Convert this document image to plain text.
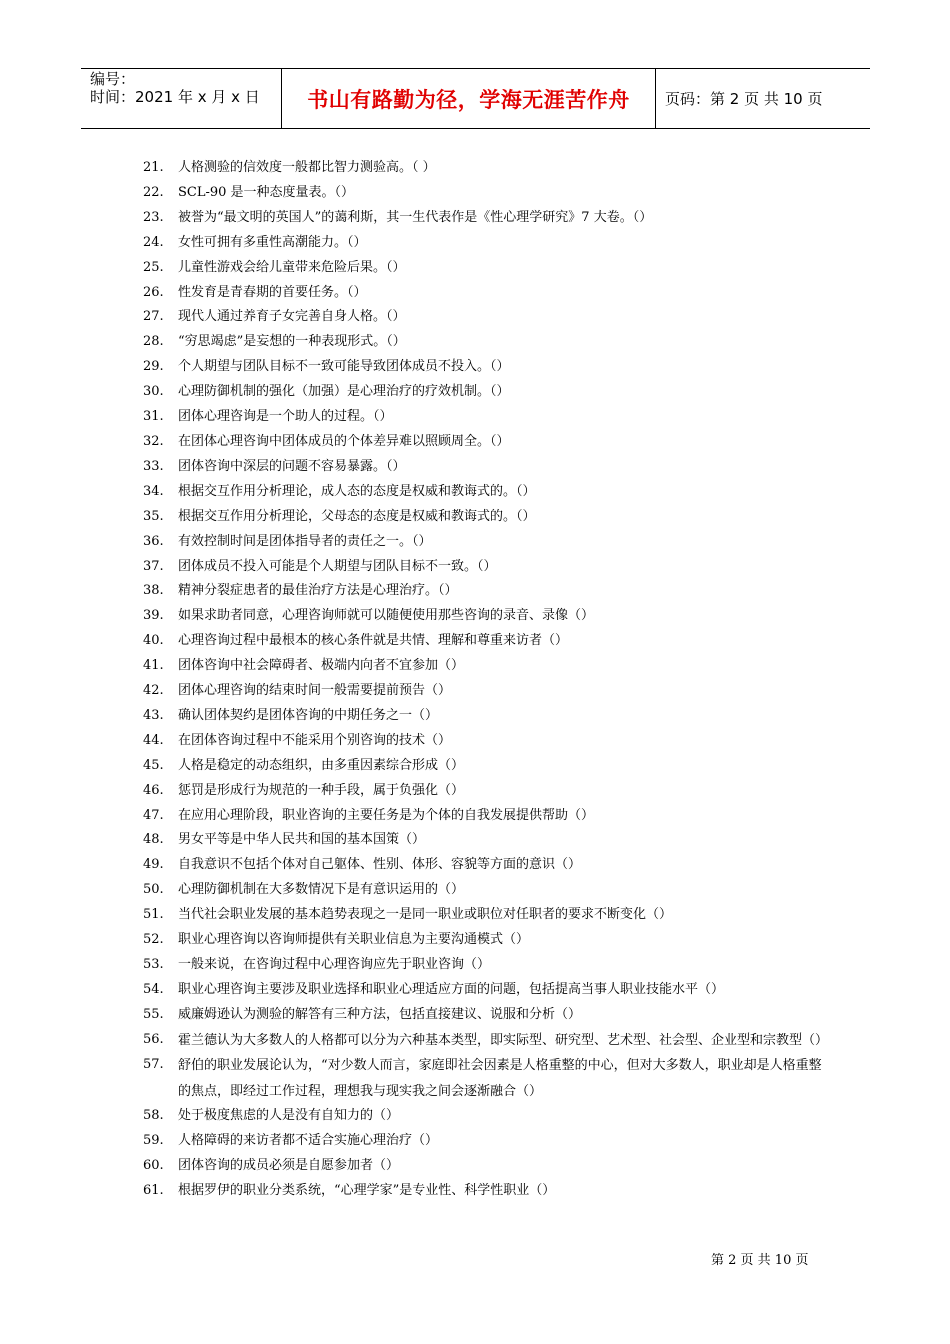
编号：
时间：2021 年 x 月 x 日	书山有路勤为径，学海无涯苦作舟	页码：第 2 页 共 10 页
21.	人格测验的信效度一般都比智力测验高。（ ）
22.	SCL-90 是一种态度量表。（）
23.	被誉为“最文明的英国人”的蔼利斯，其一生代表作是《性心理学研究》7 大卷。（）
24.	女性可拥有多重性高潮能力。（）
25.	儿童性游戏会给儿童带来危险后果。（）
26.	性发育是青春期的首要任务。（）
27.	现代人通过养育子女完善自身人格。（）
28.	“穷思竭虑”是妄想的一种表现形式。（）
29.	个人期望与团队目标不一致可能导致团体成员不投入。（）
30.	心理防御机制的强化（加强）是心理治疗的疗效机制。（）
31.	团体心理咨询是一个助人的过程。（）
32.	在团体心理咨询中团体成员的个体差异难以照顾周全。（）
33.	团体咨询中深层的问题不容易暴露。（）
34.	根据交互作用分析理论，成人态的态度是权威和教诲式的。（）
35.	根据交互作用分析理论，父母态的态度是权威和教诲式的。（）
36.	有效控制时间是团体指导者的责任之一。（）
37.	团体成员不投入可能是个人期望与团队目标不一致。（）
38.	精神分裂症患者的最佳治疗方法是心理治疗。（）
39.	如果求助者同意，心理咨询师就可以随便使用那些咨询的录音、录像（）
40.	心理咨询过程中最根本的核心条件就是共情、理解和尊重来访者（）
41.	团体咨询中社会障碍者、极端内向者不宜参加（）
42.	团体心理咨询的结束时间一般需要提前预告（）
43.	确认团体契约是团体咨询的中期任务之一（）
44.	在团体咨询过程中不能采用个别咨询的技术（）
45.	人格是稳定的动态组织，由多重因素综合形成（）
46.	惩罚是形成行为规范的一种手段，属于负强化（）
47.	在应用心理阶段，职业咨询的主要任务是为个体的自我发展提供帮助（）
48.	男女平等是中华人民共和国的基本国策（）
49.	自我意识不包括个体对自己躯体、性别、体形、容貌等方面的意识（）
50.	心理防御机制在大多数情况下是有意识运用的（）
51.	当代社会职业发展的基本趋势表现之一是同一职业或职位对任职者的要求不断变化（）
52.	职业心理咨询以咨询师提供有关职业信息为主要沟通模式（）
53.	一般来说，在咨询过程中心理咨询应先于职业咨询（）
54.	职业心理咨询主要涉及职业选择和职业心理适应方面的问题，包括提高当事人职业技能水平（）
55.	威廉姆逊认为测验的解答有三种方法，包括直接建议、说服和分析（）
56.	霍兰德认为大多数人的人格都可以分为六种基本类型，即实际型、研究型、艺术型、社会型、企业型和宗教型（）
57.	舒伯的职业发展论认为，“对少数人而言，家庭即社会因素是人格重整的中心，但对大多数人，职业却是人格重整的焦点，即经过工作过程，理想我与现实我之间会逐渐融合（）
58.	处于极度焦虑的人是没有自知力的（）
59.	人格障碍的来访者都不适合实施心理治疗（）
60.	团体咨询的成员必须是自愿参加者（）
61.	根据罗伊的职业分类系统，“心理学家”是专业性、科学性职业（）
第 2 页 共 10 页
